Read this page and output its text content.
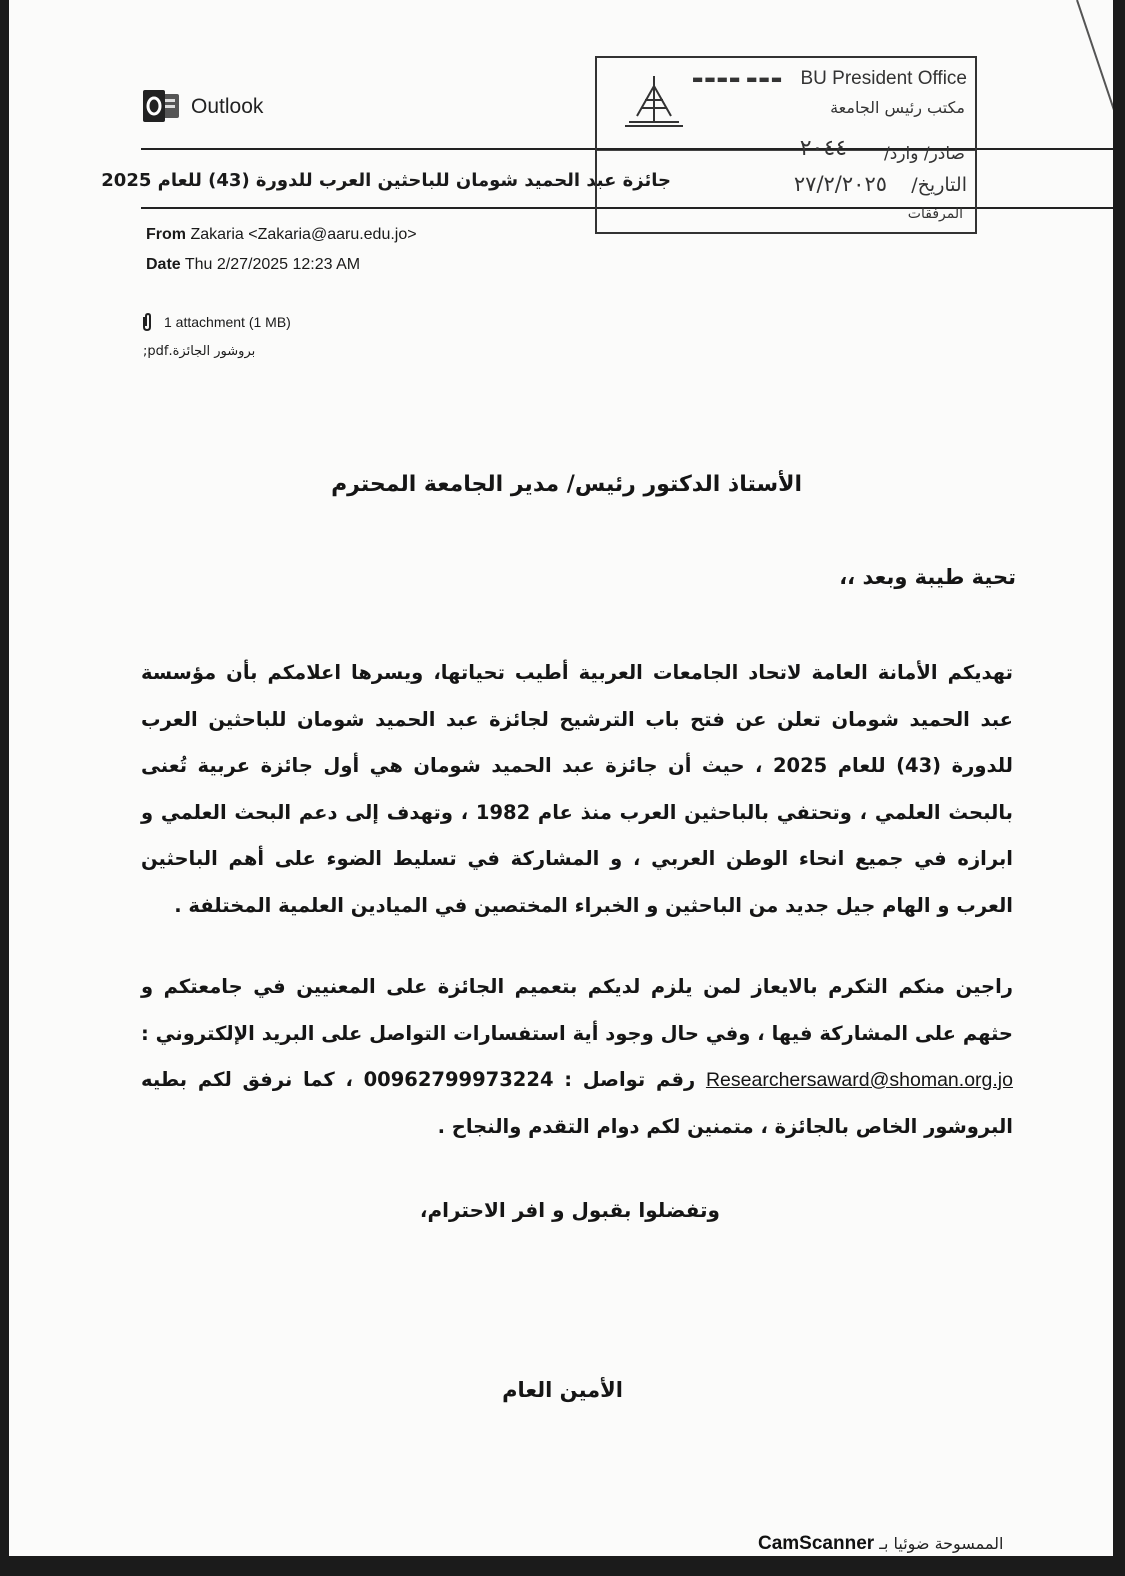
Outlook
جائزة عبد الحميد شومان للباحثين العرب للدورة (43) للعام 2025
From Zakaria <Zakaria@aaru.edu.jo>
Date Thu 2/27/2025 12:23 AM
1 attachment (1 MB)
بروشور الجائزة.pdf;
▬▬▬▬ ▬▬▬ BU President Office
مكتب رئيس الجامعة
صادر/ وارد/
٢٠٤٤
التاريخ/
٢٧/٢/٢٠٢٥
المرفقات
الأستاذ الدكتور رئيس/ مدير الجامعة المحترم
تحية طيبة وبعد ،،
تهديكم الأمانة العامة لاتحاد الجامعات العربية أطيب تحياتها، ويسرها اعلامكم بأن مؤسسة عبد الحميد شومان تعلن عن فتح باب الترشيح لجائزة عبد الحميد شومان للباحثين العرب للدورة (43) للعام 2025 ، حيث أن جائزة عبد الحميد شومان هي أول جائزة عربية تُعنى بالبحث العلمي ، وتحتفي بالباحثين العرب منذ عام 1982 ، وتهدف إلى دعم البحث العلمي و ابرازه في جميع انحاء الوطن العربي ، و المشاركة في تسليط الضوء على أهم الباحثين العرب و الهام جيل جديد من الباحثين و الخبراء المختصين في الميادين العلمية المختلفة .
راجين منكم التكرم بالايعاز لمن يلزم لديكم بتعميم الجائزة على المعنيين في جامعتكم و حثهم على المشاركة فيها ، وفي حال وجود أية استفسارات التواصل على البريد الإلكتروني : Researchersaward@shoman.org.jo رقم تواصل : 00962799973224 ، كما نرفق لكم بطيه البروشور الخاص بالجائزة ، متمنين لكم دوام التقدم والنجاح .
وتفضلوا بقبول و افر الاحترام،
الأمين العام
الممسوحة ضوئيا بـ CamScanner
